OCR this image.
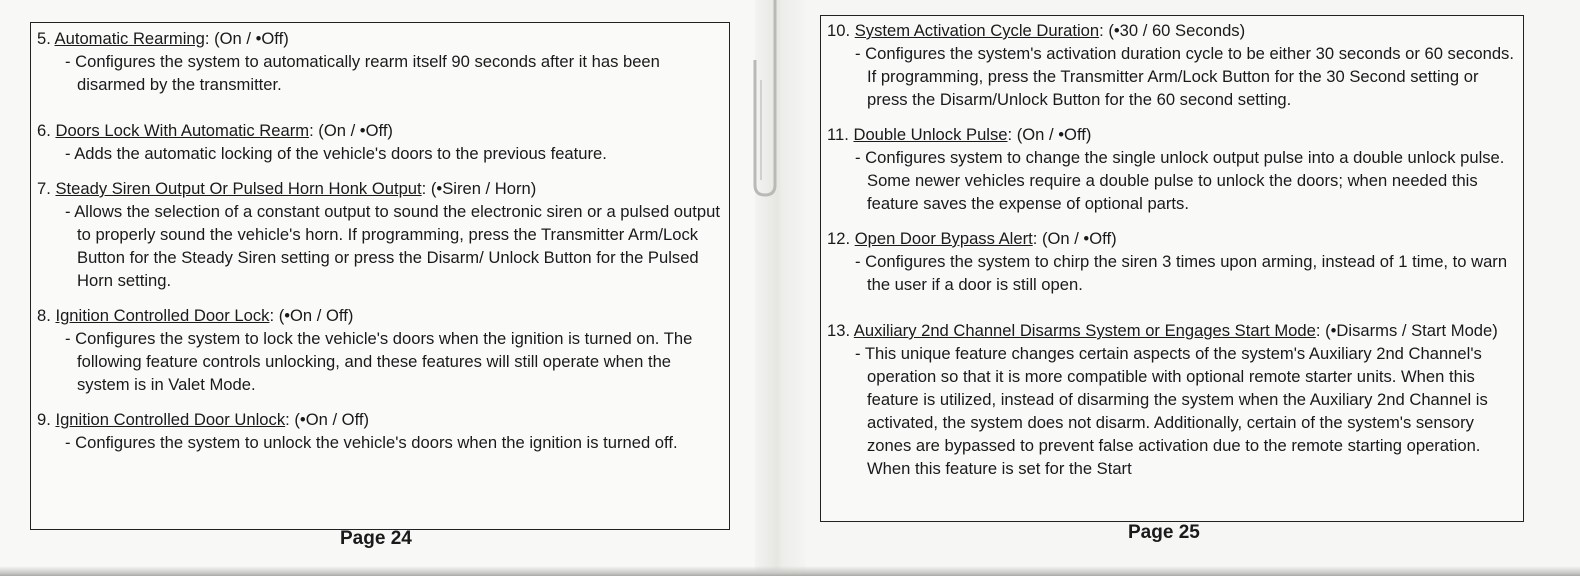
5. Automatic Rearming: (On / •Off)
- Configures the system to automatically rearm itself 90 seconds after it has been disarmed by the transmitter.
6. Doors Lock With Automatic Rearm: (On / •Off)
- Adds the automatic locking of the vehicle's doors to the previous feature.
7. Steady Siren Output Or Pulsed Horn Honk Output: (•Siren / Horn)
- Allows the selection of a constant output to sound the electronic siren or a pulsed output to properly sound the vehicle's horn. If programming, press the Transmitter Arm/Lock Button for the Steady Siren setting or press the Disarm/ Unlock Button for the Pulsed Horn setting.
8. Ignition Controlled Door Lock: (•On / Off)
- Configures the system to lock the vehicle's doors when the ignition is turned on. The following feature controls unlocking, and these features will still operate when the system is in Valet Mode.
9. Ignition Controlled Door Unlock: (•On / Off)
- Configures the system to unlock the vehicle's doors when the ignition is turned off.
Page 24
10. System Activation Cycle Duration: (•30 / 60 Seconds)
- Configures the system's activation duration cycle to be either 30 seconds or 60 seconds. If programming, press the Transmitter Arm/Lock Button for the 30 Second setting or press the Disarm/Unlock Button for the 60 second setting.
11. Double Unlock Pulse: (On / •Off)
- Configures system to change the single unlock output pulse into a double unlock pulse. Some newer vehicles require a double pulse to unlock the doors; when needed this feature saves the expense of optional parts.
12. Open Door Bypass Alert: (On / •Off)
- Configures the system to chirp the siren 3 times upon arming, instead of 1 time, to warn the user if a door is still open.
13. Auxiliary 2nd Channel Disarms System or Engages Start Mode: (•Disarms / Start Mode)
- This unique feature changes certain aspects of the system's Auxiliary 2nd Channel's operation so that it is more compatible with optional remote starter units. When this feature is utilized, instead of disarming the system when the Auxiliary 2nd Channel is activated, the system does not disarm. Additionally, certain of the system's sensory zones are bypassed to prevent false activation due to the remote starting operation. When this feature is set for the Start
Page 25
